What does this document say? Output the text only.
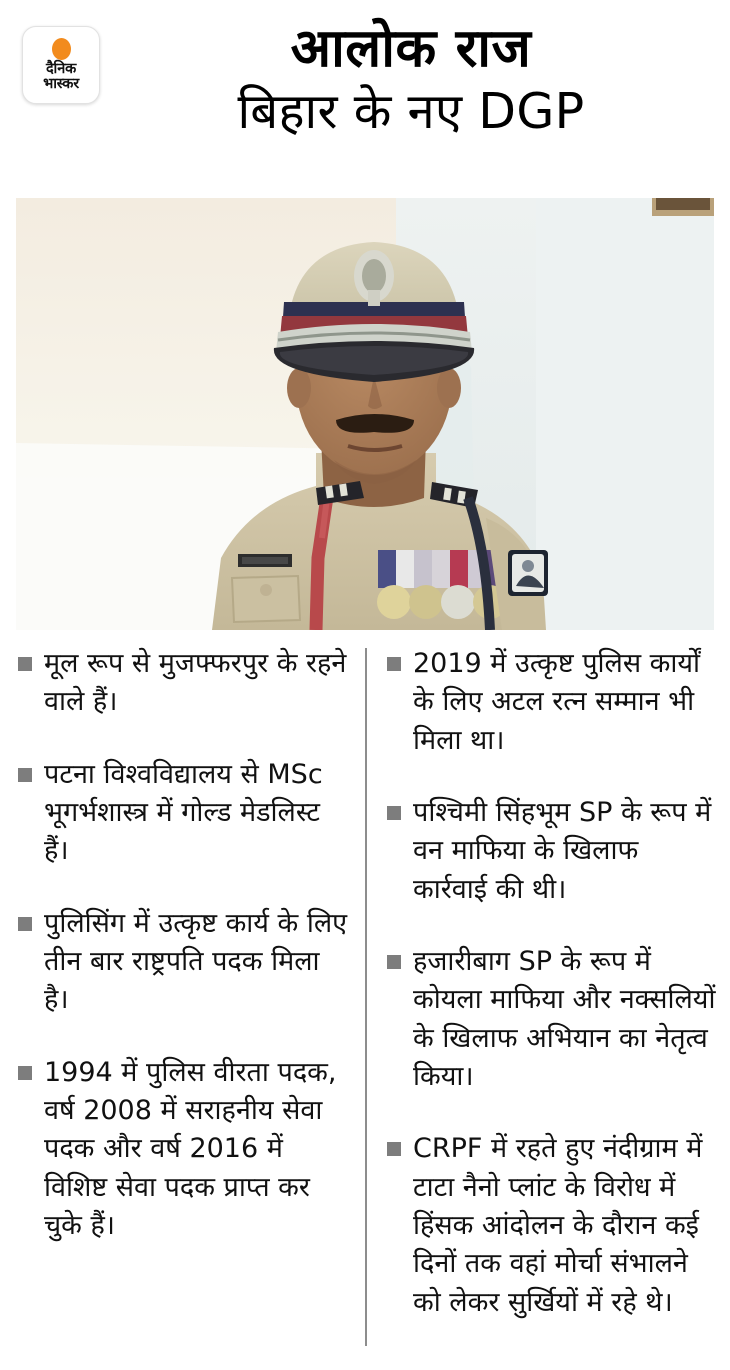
दैनिक
भास्कर
आलोक राज
बिहार के नए DGP
मूल रूप से मुजफ्फरपुर के रहने वाले हैं।
पटना विश्वविद्यालय से MSc भूगर्भशास्त्र में गोल्ड मेडलिस्ट हैं।
पुलिसिंग में उत्कृष्ट कार्य के लिए तीन बार राष्ट्रपति पदक मिला है।
1994 में पुलिस वीरता पदक, वर्ष 2008 में सराहनीय सेवा पदक और वर्ष 2016 में विशिष्ट सेवा पदक प्राप्त कर चुके हैं।
2019 में उत्कृष्ट पुलिस कार्यों के लिए अटल रत्न सम्मान भी मिला था।
पश्चिमी सिंहभूम SP के रूप में वन माफिया के खिलाफ कार्रवाई की थी।
हजारीबाग SP के रूप में कोयला माफिया और नक्सलियों के खिलाफ अभियान का नेतृत्व किया।
CRPF में रहते हुए नंदीग्राम में टाटा नैनो प्लांट के विरोध में हिंसक आंदोलन के दौरान कई दिनों तक वहां मोर्चा संभालने को लेकर सुर्खियों में रहे थे।
